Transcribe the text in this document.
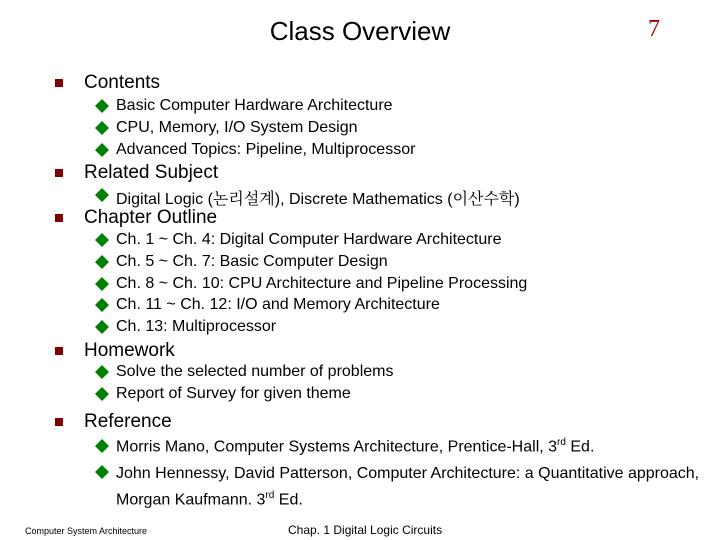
Class Overview	7
Contents
Basic Computer Hardware Architecture
CPU, Memory, I/O System Design
Advanced Topics: Pipeline, Multiprocessor
Related Subject
Digital Logic (논리설계), Discrete Mathematics (이산수학)
Chapter Outline
Ch. 1 ~ Ch. 4: Digital Computer Hardware Architecture
Ch. 5 ~ Ch. 7: Basic Computer Design
Ch. 8 ~ Ch. 10: CPU Architecture and Pipeline Processing
Ch. 11 ~ Ch. 12: I/O and Memory Architecture
Ch. 13: Multiprocessor
Homework
Solve the selected number of problems
Report of Survey for given theme
Reference
Morris Mano, Computer Systems Architecture, Prentice-Hall, 3rd Ed.
John Hennessy, David Patterson, Computer Architecture: a Quantitative approach, Morgan Kaufmann. 3rd Ed.
Computer System Architecture	Chap. 1 Digital Logic Circuits
